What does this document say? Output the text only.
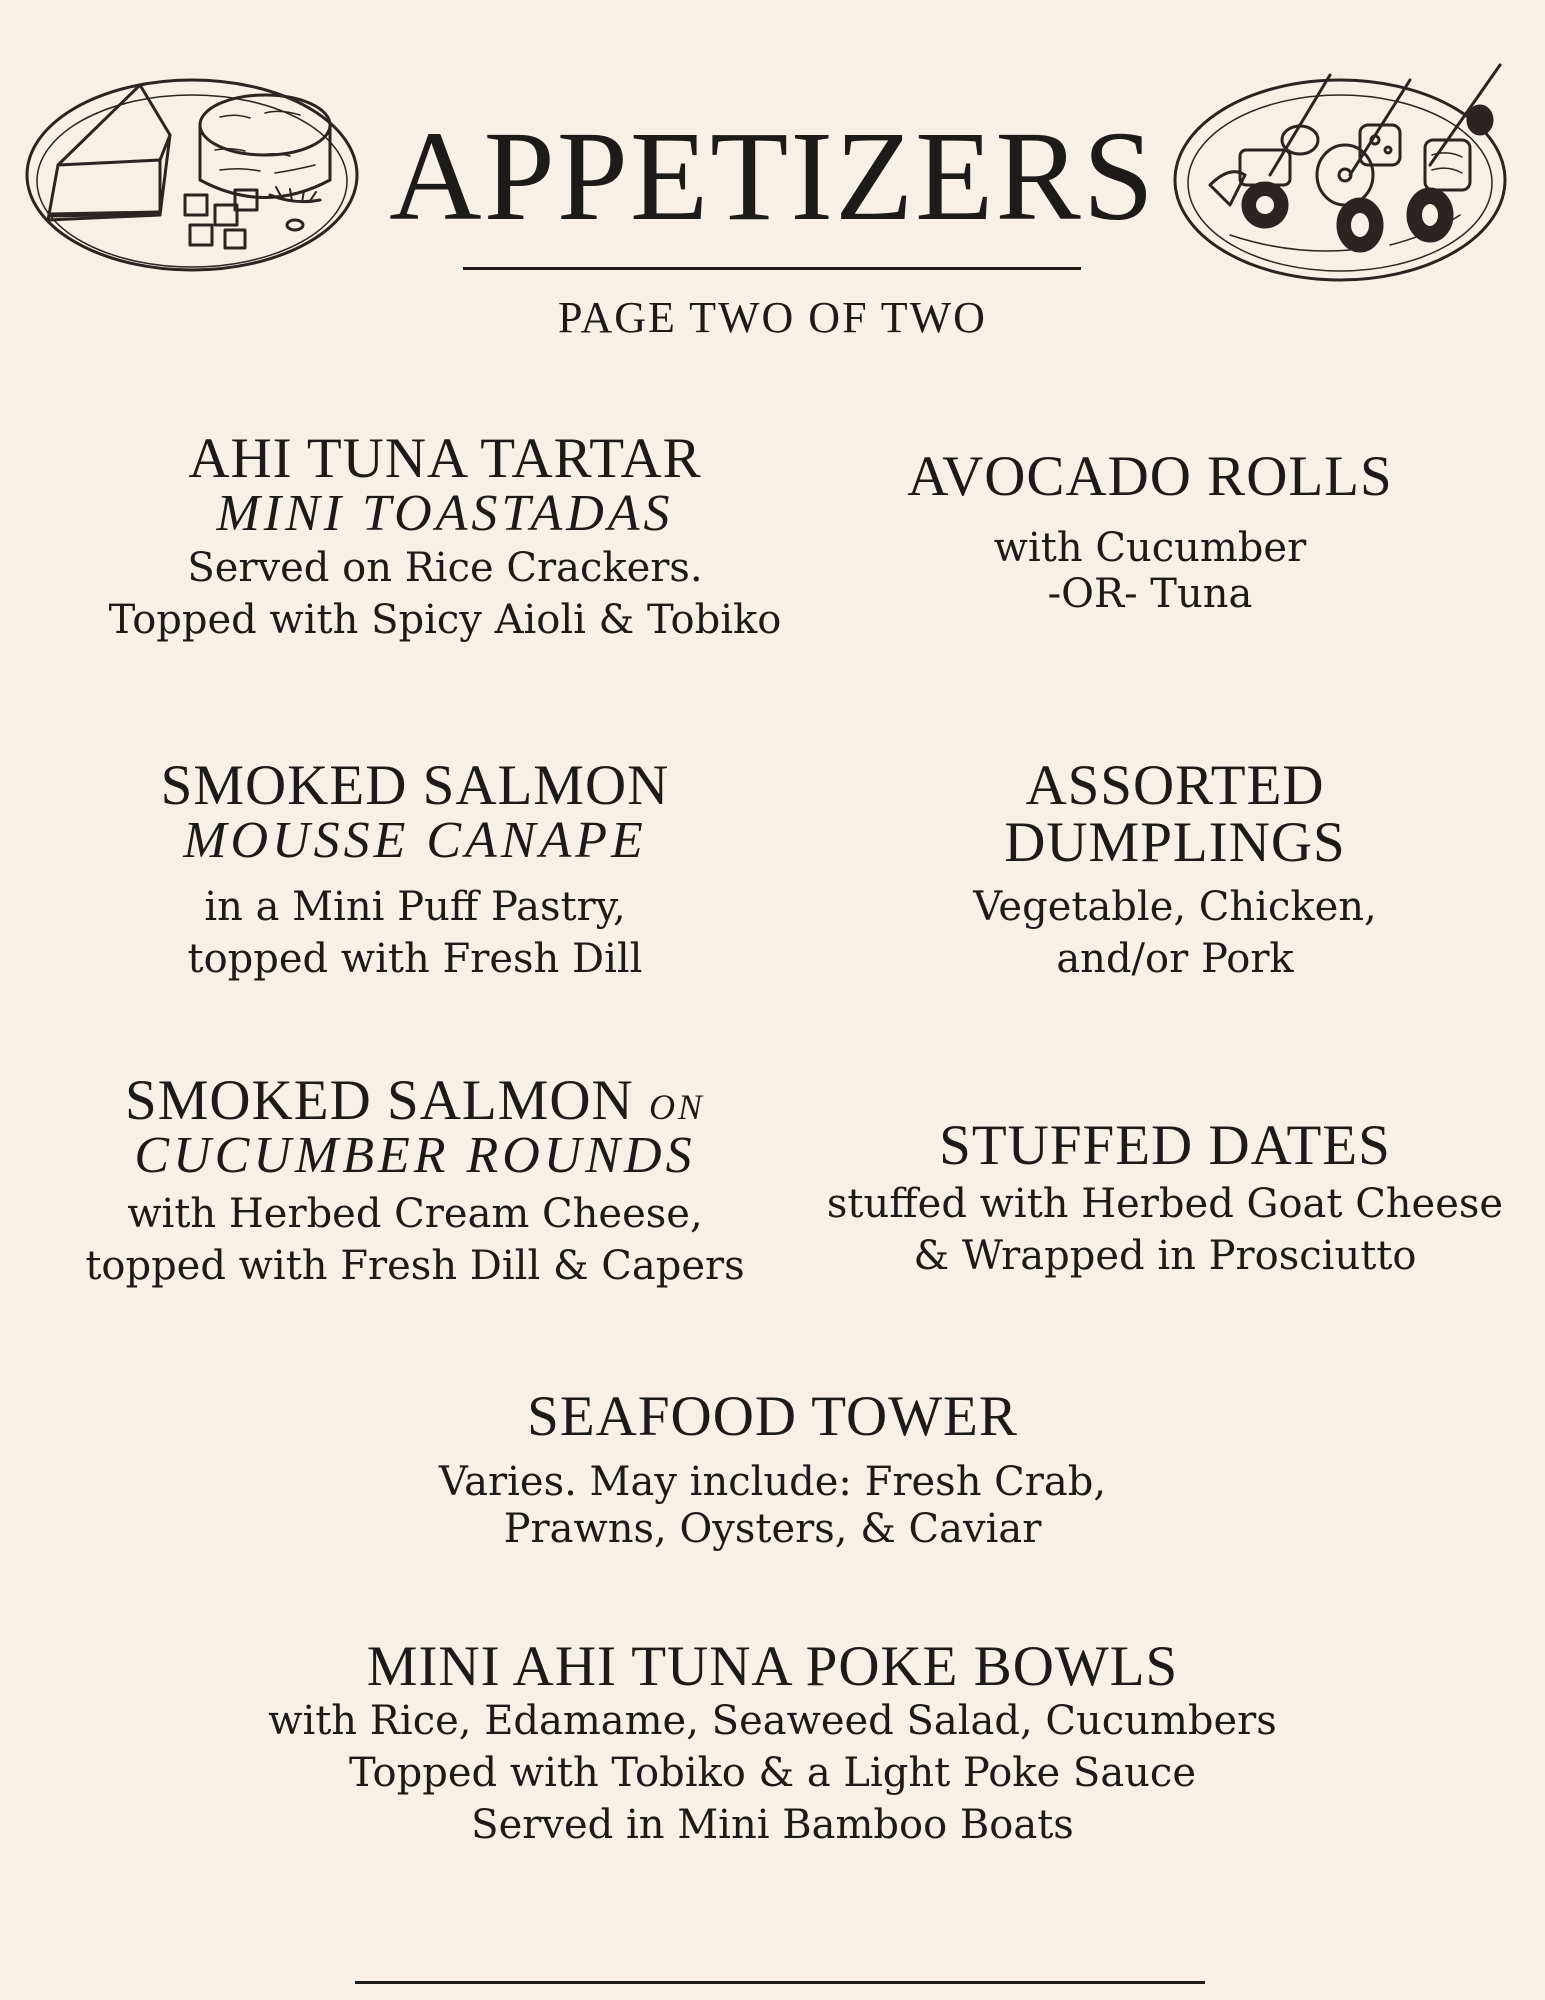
APPETIZERS
PAGE TWO OF TWO
AHI TUNA TARTAR
MINI TOASTADAS
Served on Rice Crackers.
Topped with Spicy Aioli & Tobiko
AVOCADO ROLLS
with Cucumber
-OR- Tuna
SMOKED SALMON
MOUSSE CANAPE
in a Mini Puff Pastry,
topped with Fresh Dill
ASSORTED
DUMPLINGS
Vegetable, Chicken,
and/or Pork
SMOKED SALMON ON
CUCUMBER ROUNDS
with Herbed Cream Cheese,
topped with Fresh Dill & Capers
STUFFED DATES
stuffed with Herbed Goat Cheese
& Wrapped in Prosciutto
SEAFOOD TOWER
Varies. May include: Fresh Crab,
Prawns, Oysters, & Caviar
MINI AHI TUNA POKE BOWLS
with Rice, Edamame, Seaweed Salad, Cucumbers
Topped with Tobiko & a Light Poke Sauce
Served in Mini Bamboo Boats
